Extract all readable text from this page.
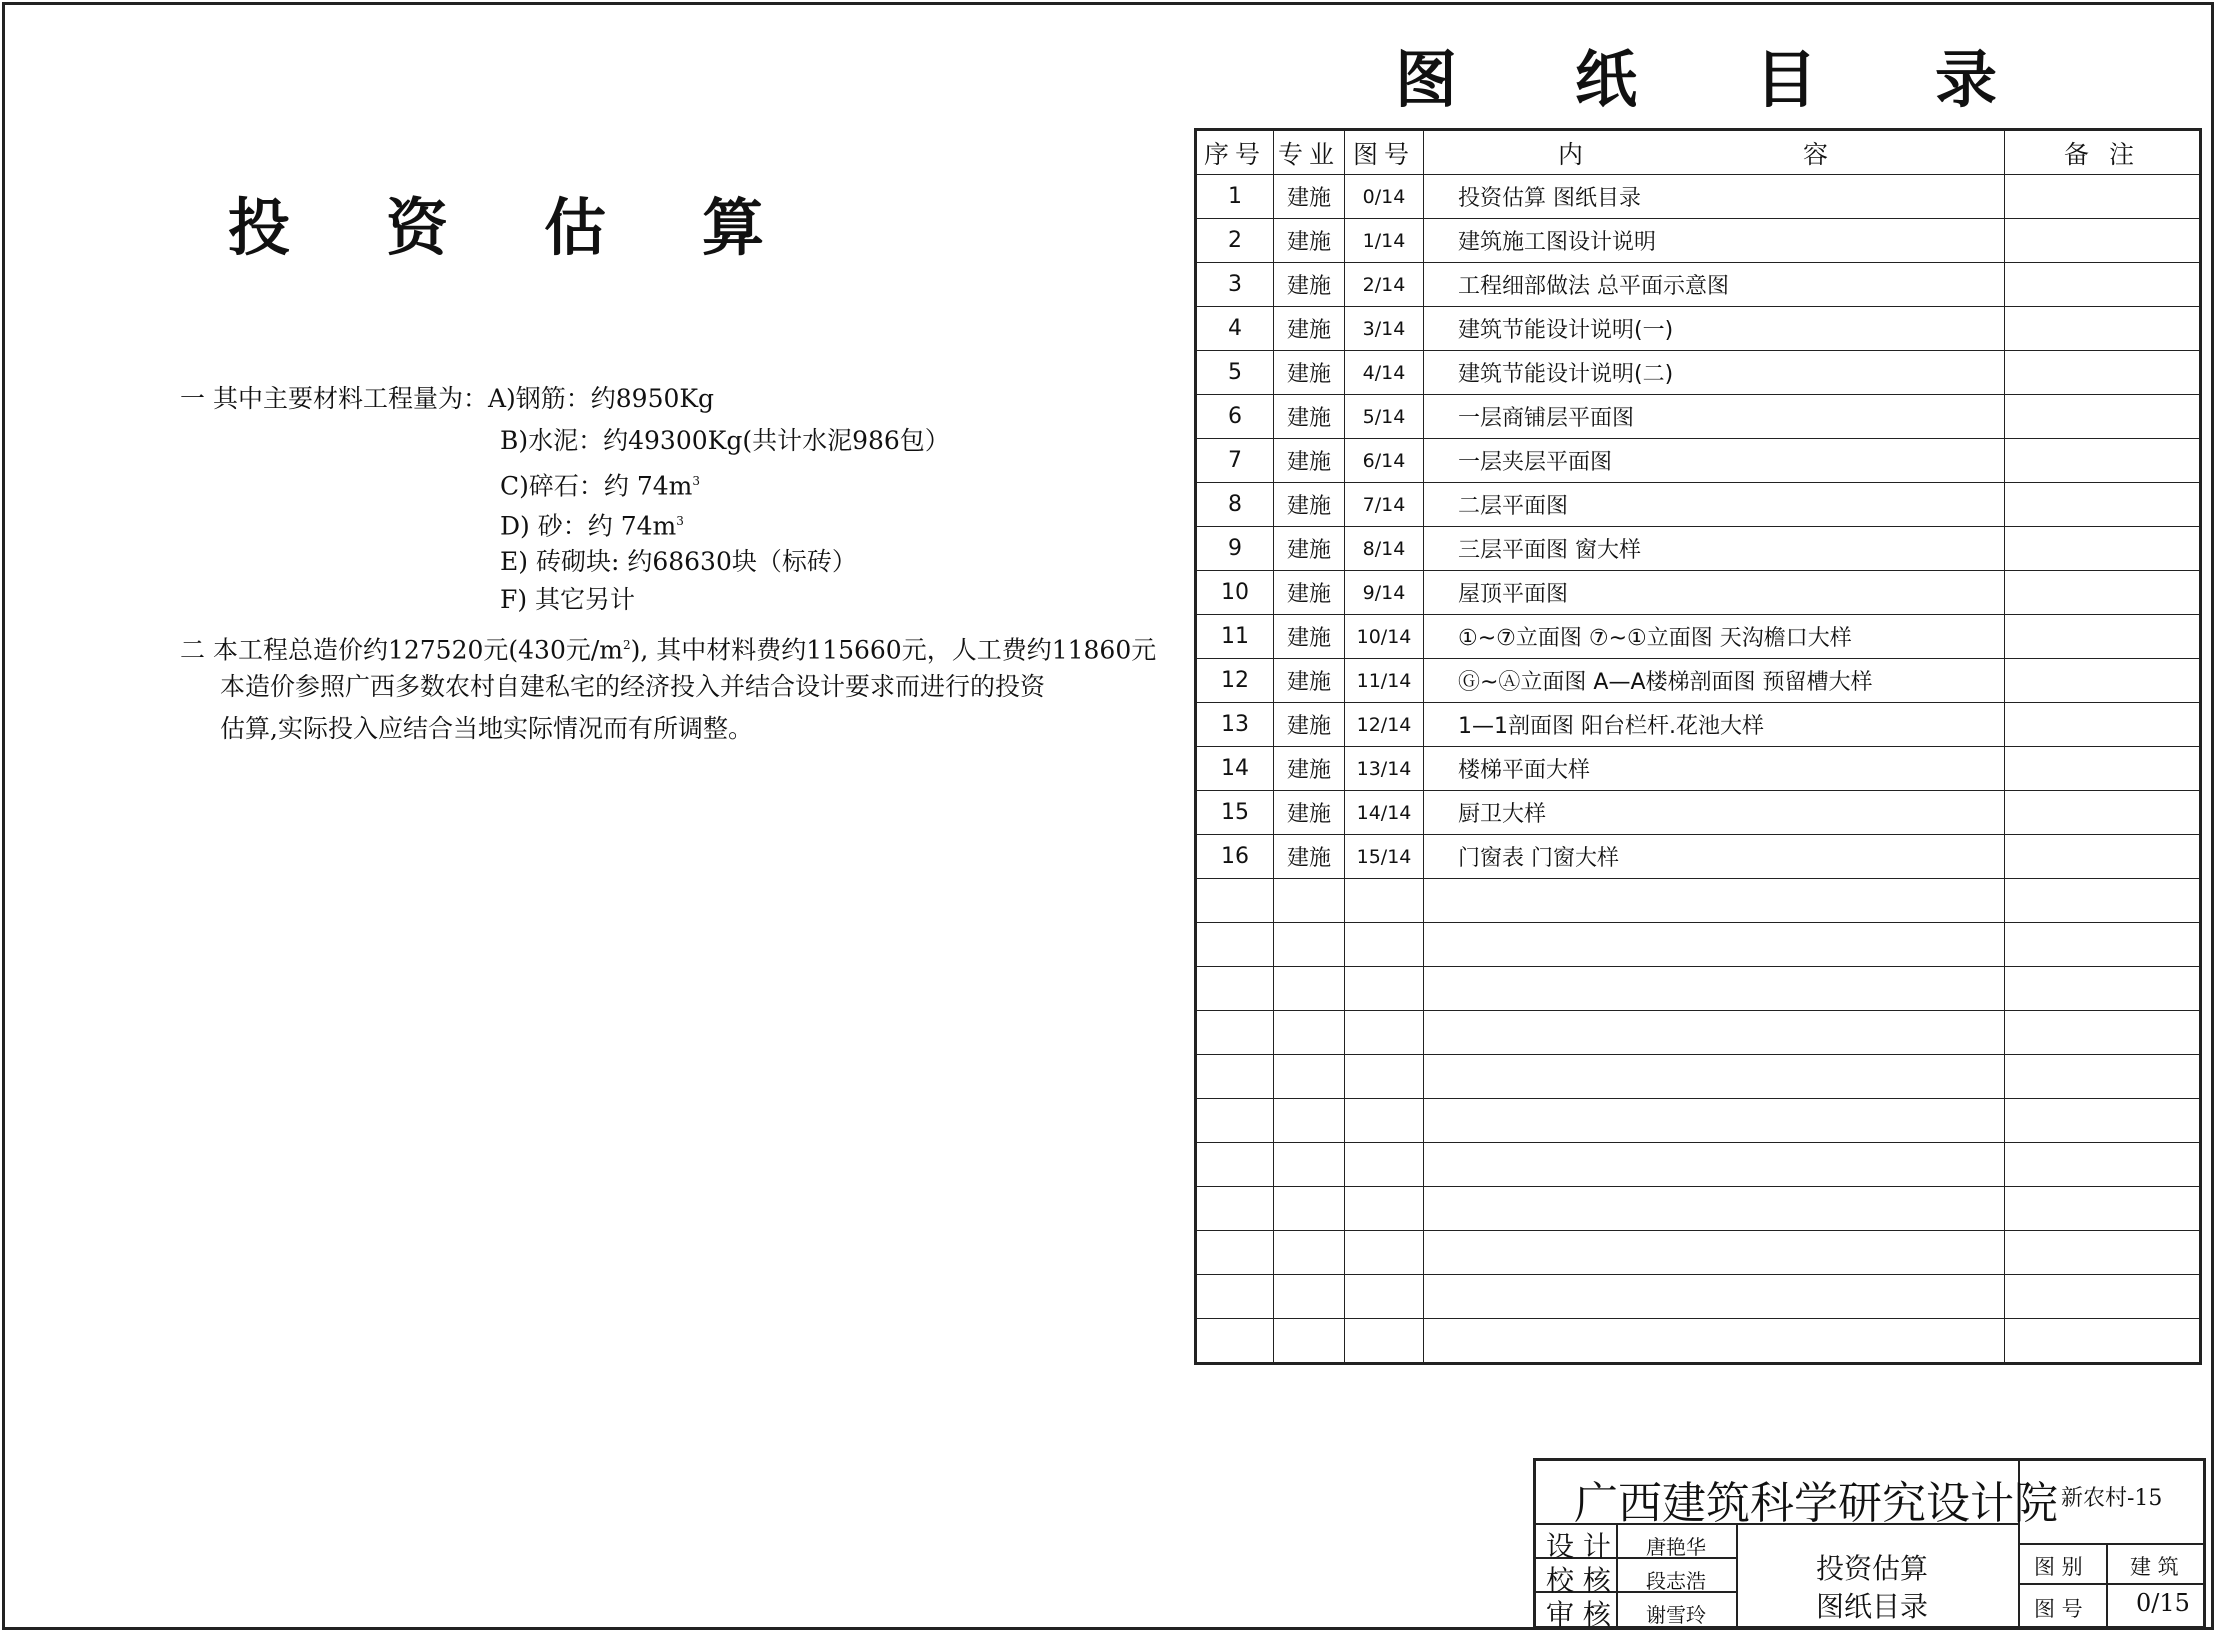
投 资 估 算
一 其中主要材料工程量为：A)钢筋：约8950Kg
B)水泥：约49300Kg(共计水泥986包）
C)碎石：约 $74m^3$
D) 砂：约 $74m^3$
E) 砖砌块: 约68630块（标砖）
F) 其它另计
二 本工程总造价约127520元(430元$/m^2$), 其中材料费约115660元，人工费约11860元
本造价参照广西多数农村自建私宅的经济投入并结合设计要求而进行的投资
估算,实际投入应结合当地实际情况而有所调整。
图 纸 目 录
序号	专业	图号	内 容	备 注
1	建施	0/14	投资估算 图纸目录	
2	建施	1/14	建筑施工图设计说明	
3	建施	2/14	工程细部做法 总平面示意图	
4	建施	3/14	建筑节能设计说明(一)	
5	建施	4/14	建筑节能设计说明(二)	
6	建施	5/14	一层商铺层平面图	
7	建施	6/14	一层夹层平面图	
8	建施	7/14	二层平面图	
9	建施	8/14	三层平面图 窗大样	
10	建施	9/14	屋顶平面图	
11	建施	10/14	①~⑦立面图 ⑦~①立面图 天沟檐口大样	
12	建施	11/14	Ⓖ~Ⓐ立面图 A—A楼梯剖面图 预留槽大样	
13	建施	12/14	1—1剖面图 阳台栏杆.花池大样	
14	建施	13/14	楼梯平面大样	
15	建施	14/14	厨卫大样	
16	建施	15/14	门窗表 门窗大样	

广西建筑科学研究设计院 新农村-15
设 计 唐艳华
校 核 段志浩
审 核 谢雪玲
投资估算
图纸目录
图 别 建 筑
图 号 0/15
